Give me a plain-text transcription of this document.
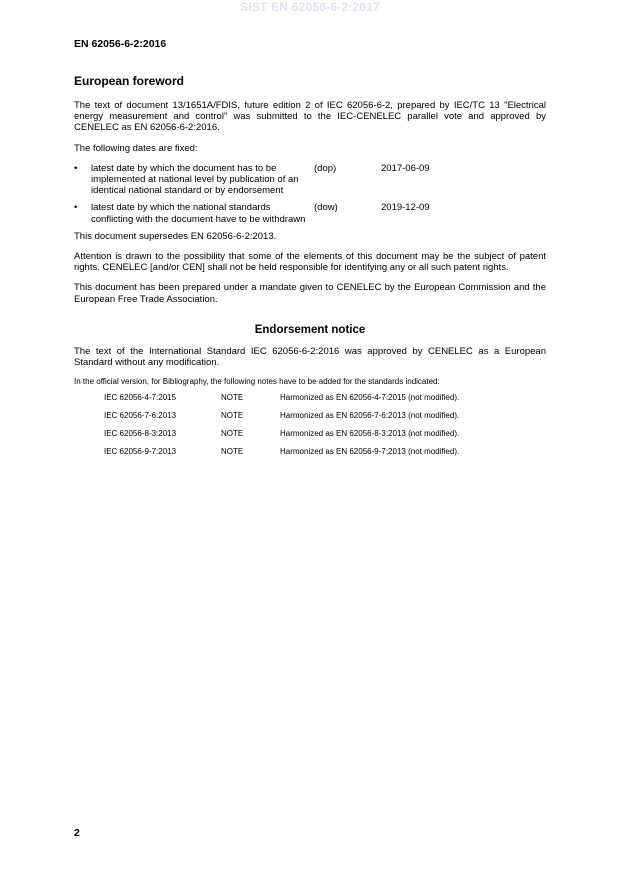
SIST EN 62056-6-2:2017
EN 62056-6-2:2016
European foreword

The text of document 13/1651A/FDIS, future edition 2 of IEC 62056-6-2, prepared by IEC/TC 13 "Electrical energy measurement and control" was submitted to the IEC-CENELEC parallel vote and approved by CENELEC as EN 62056-6-2:2016.

The following dates are fixed:

•	latest date by which the document has to be implemented at national level by publication of an identical national standard or by endorsement
(dop)	2017-06-09
•	latest date by which the national standards conflicting with the document have to be withdrawn
(dow)	2019-12-09

This document supersedes EN 62056-6-2:2013.

Attention is drawn to the possibility that some of the elements of this document may be the subject of patent rights. CENELEC [and/or CEN] shall not be held responsible for identifying any or all such patent rights.

This document has been prepared under a mandate given to CENELEC by the European Commission and the European Free Trade Association.

Endorsement notice

The text of the International Standard IEC 62056-6-2:2016 was approved by CENELEC as a European Standard without any modification.

In the official version, for Bibliography, the following notes have to be added for the standards indicated:

IEC 62056-4-7:2015	NOTE	Harmonized as EN 62056-4-7:2015 (not modified).
IEC 62056-7-6:2013	NOTE	Harmonized as EN 62056-7-6:2013 (not modified).
IEC 62056-8-3:2013	NOTE	Harmonized as EN 62056-8-3:2013 (not modified).
IEC 62056-9-7:2013	NOTE	Harmonized as EN 62056-9-7:2013 (not modified).
2
